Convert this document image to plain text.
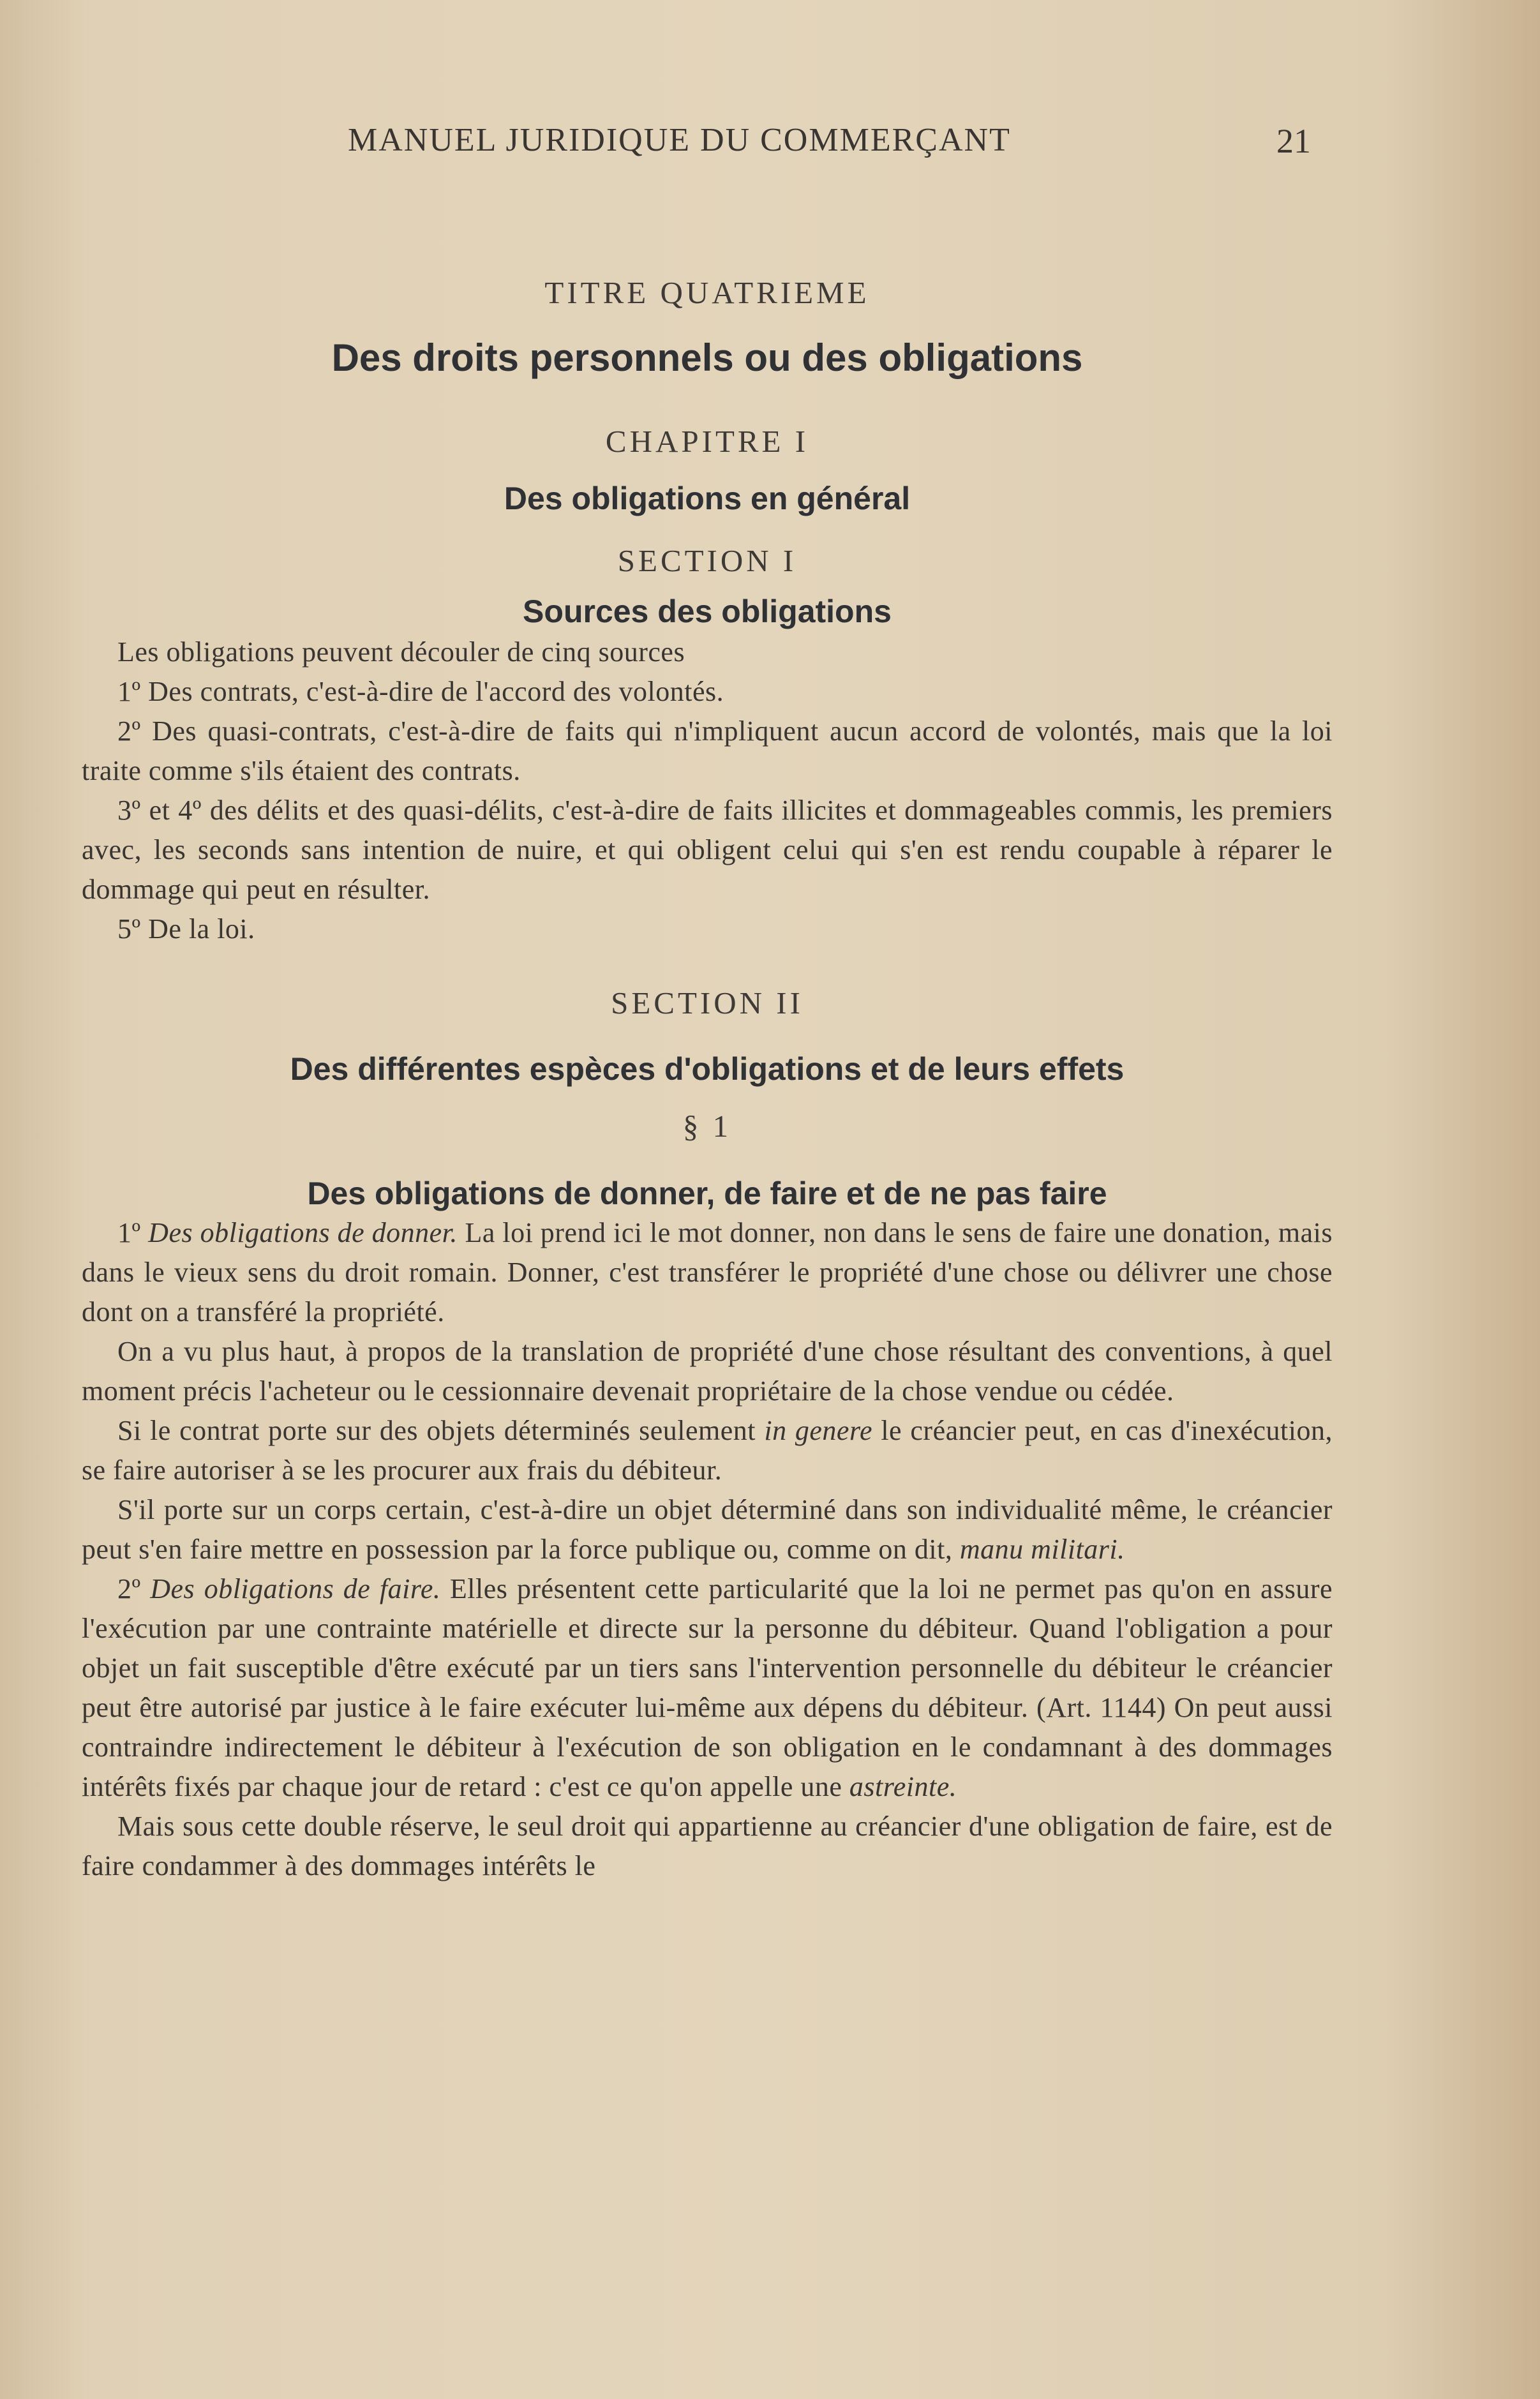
MANUEL JURIDIQUE DU COMMERÇANT	21
TITRE QUATRIEME
Des droits personnels ou des obligations
CHAPITRE I
Des obligations en général
SECTION I
Sources des obligations

Les obligations peuvent découler de cinq sources

1º Des contrats, c'est-à-dire de l'accord des volontés.

2º Des quasi-contrats, c'est-à-dire de faits qui n'impliquent aucun accord de volontés, mais que la loi traite comme s'ils étaient des contrats.

3º et 4º des délits et des quasi-délits, c'est-à-dire de faits illicites et dommageables commis, les premiers avec, les seconds sans intention de nuire, et qui obligent celui qui s'en est rendu coupable à réparer le dommage qui peut en résulter.

5º De la loi.

SECTION II
Des différentes espèces d'obligations et de leurs effets
§ 1
Des obligations de donner, de faire et de ne pas faire

1º Des obligations de donner. La loi prend ici le mot donner, non dans le sens de faire une donation, mais dans le vieux sens du droit romain. Donner, c'est transférer le propriété d'une chose ou délivrer une chose dont on a transféré la propriété.

On a vu plus haut, à propos de la translation de propriété d'une chose résultant des conventions, à quel moment précis l'acheteur ou le cessionnaire devenait propriétaire de la chose vendue ou cédée.

Si le contrat porte sur des objets déterminés seulement in genere le créancier peut, en cas d'inexécution, se faire autoriser à se les procurer aux frais du débiteur.

S'il porte sur un corps certain, c'est-à-dire un objet déterminé dans son individualité même, le créancier peut s'en faire mettre en possession par la force publique ou, comme on dit, manu militari.

2º Des obligations de faire. Elles présentent cette particularité que la loi ne permet pas qu'on en assure l'exécution par une contrainte matérielle et directe sur la personne du débiteur. Quand l'obligation a pour objet un fait susceptible d'être exécuté par un tiers sans l'intervention personnelle du débiteur le créancier peut être autorisé par justice à le faire exécuter lui-même aux dépens du débiteur. (Art. 1144) On peut aussi contraindre indirectement le débiteur à l'exécution de son obligation en le condamnant à des dommages intérêts fixés par chaque jour de retard : c'est ce qu'on appelle une astreinte.

Mais sous cette double réserve, le seul droit qui appartienne au créancier d'une obligation de faire, est de faire condammer à des dommages intérêts le
